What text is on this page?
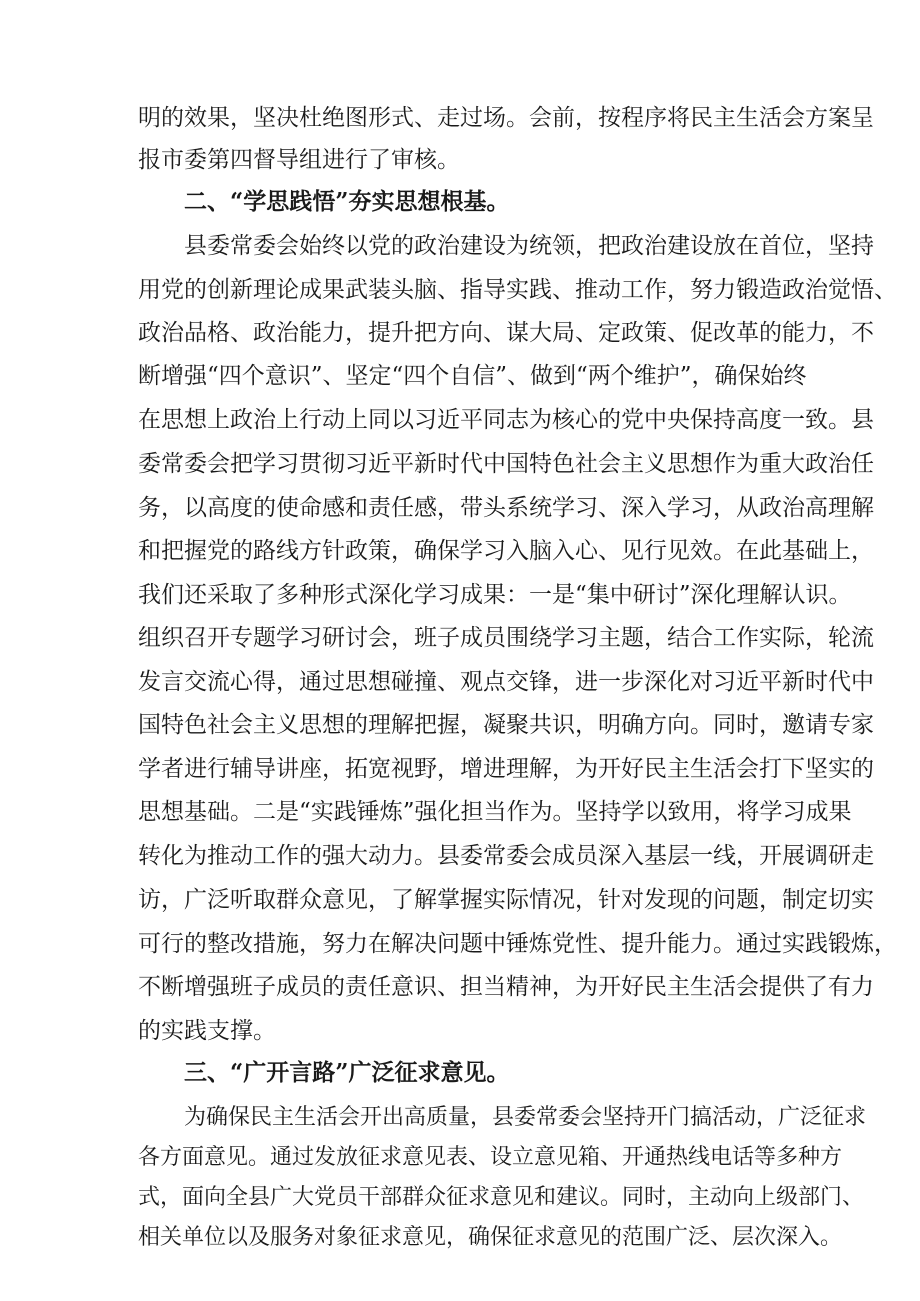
明的效果，坚决杜绝图形式、走过场。会前，按程序将民主生活会方案呈
报市委第四督导组进行了审核。
二、“学思践悟”夯实思想根基。
县委常委会始终以党的政治建设为统领，把政治建设放在首位，坚持
用党的创新理论成果武装头脑、指导实践、推动工作，努力锻造政治觉悟、
政治品格、政治能力，提升把方向、谋大局、定政策、促改革的能力，不
断增强“四个意识”、坚定“四个自信”、做到“两个维护”，确保始终
在思想上政治上行动上同以习近平同志为核心的党中央保持高度一致。县
委常委会把学习贯彻习近平新时代中国特色社会主义思想作为重大政治任
务，以高度的使命感和责任感，带头系统学习、深入学习，从政治高理解
和把握党的路线方针政策，确保学习入脑入心、见行见效。在此基础上，
我们还采取了多种形式深化学习成果：一是“集中研讨”深化理解认识。
组织召开专题学习研讨会，班子成员围绕学习主题，结合工作实际，轮流
发言交流心得，通过思想碰撞、观点交锋，进一步深化对习近平新时代中
国特色社会主义思想的理解把握，凝聚共识，明确方向。同时，邀请专家
学者进行辅导讲座，拓宽视野，增进理解，为开好民主生活会打下坚实的
思想基础。二是“实践锤炼”强化担当作为。坚持学以致用，将学习成果
转化为推动工作的强大动力。县委常委会成员深入基层一线，开展调研走
访，广泛听取群众意见，了解掌握实际情况，针对发现的问题，制定切实
可行的整改措施，努力在解决问题中锤炼党性、提升能力。通过实践锻炼，
不断增强班子成员的责任意识、担当精神，为开好民主生活会提供了有力
的实践支撑。
三、“广开言路”广泛征求意见。
为确保民主生活会开出高质量，县委常委会坚持开门搞活动，广泛征求
各方面意见。通过发放征求意见表、设立意见箱、开通热线电话等多种方
式，面向全县广大党员干部群众征求意见和建议。同时，主动向上级部门、
相关单位以及服务对象征求意见，确保征求意见的范围广泛、层次深入。
